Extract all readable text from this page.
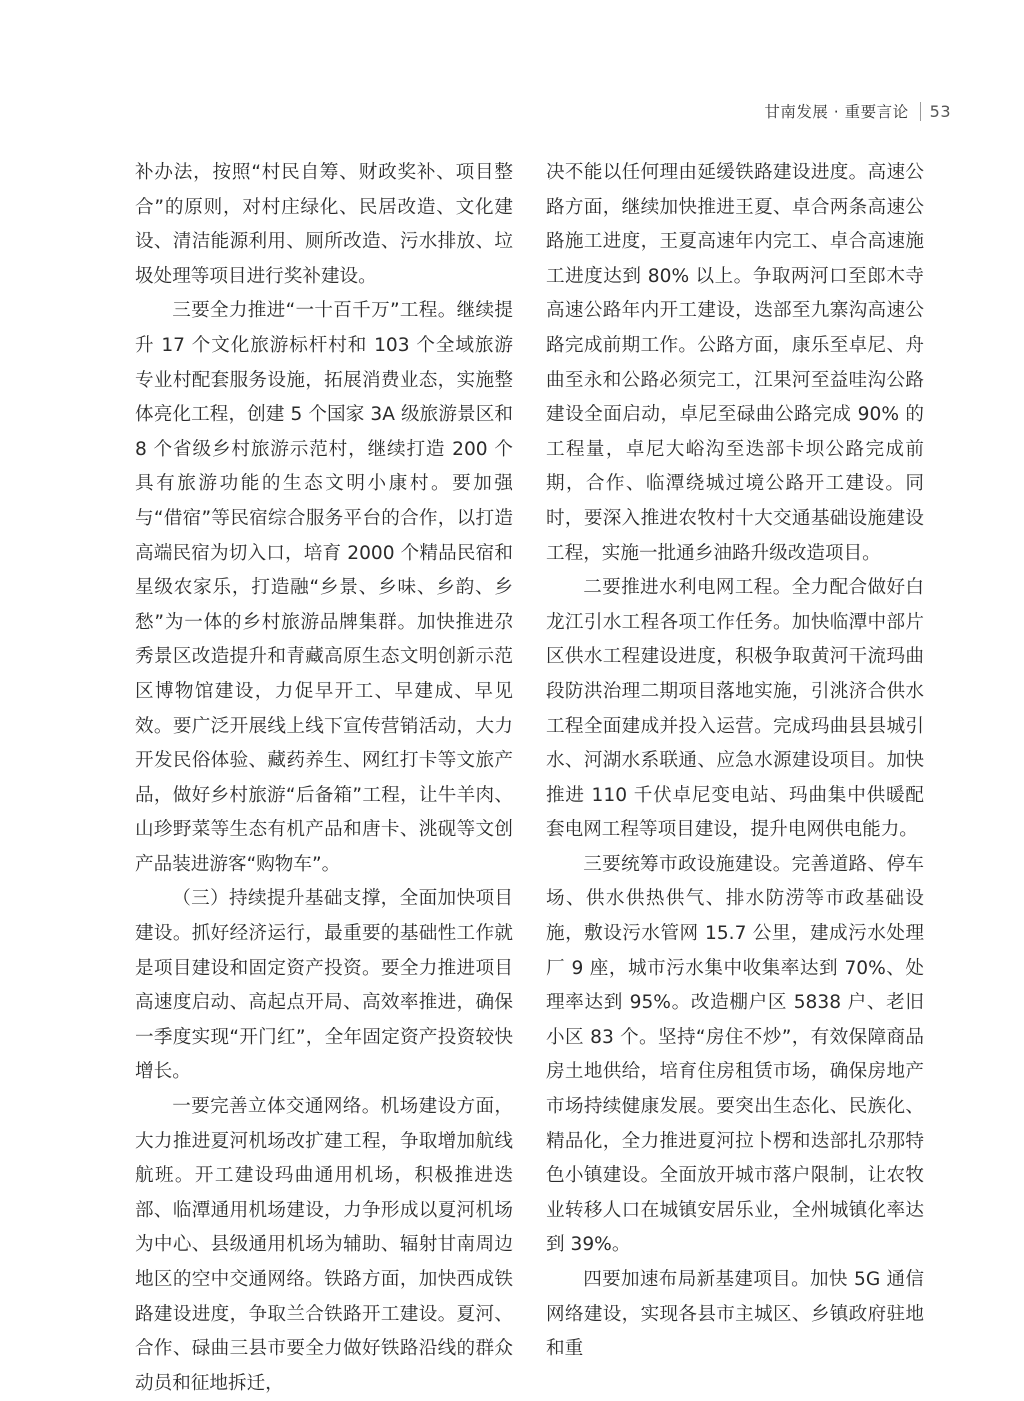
甘南发展 · 重要言论 53

补办法，按照“村民自筹、财政奖补、项目整合”的原则，对村庄绿化、民居改造、文化建设、清洁能源利用、厕所改造、污水排放、垃圾处理等项目进行奖补建设。

三要全力推进“一十百千万”工程。继续提升 17 个文化旅游标杆村和 103 个全域旅游专业村配套服务设施，拓展消费业态，实施整体亮化工程，创建 5 个国家 3A 级旅游景区和 8 个省级乡村旅游示范村，继续打造 200 个具有旅游功能的生态文明小康村。要加强与“借宿”等民宿综合服务平台的合作，以打造高端民宿为切入口，培育 2000 个精品民宿和星级农家乐，打造融“乡景、乡味、乡韵、乡愁”为一体的乡村旅游品牌集群。加快推进尕秀景区改造提升和青藏高原生态文明创新示范区博物馆建设，力促早开工、早建成、早见效。要广泛开展线上线下宣传营销活动，大力开发民俗体验、藏药养生、网红打卡等文旅产品，做好乡村旅游“后备箱”工程，让牛羊肉、山珍野菜等生态有机产品和唐卡、洮砚等文创产品装进游客“购物车”。

（三）持续提升基础支撑，全面加快项目建设。抓好经济运行，最重要的基础性工作就是项目建设和固定资产投资。要全力推进项目高速度启动、高起点开局、高效率推进，确保一季度实现“开门红”，全年固定资产投资较快增长。

一要完善立体交通网络。机场建设方面，大力推进夏河机场改扩建工程，争取增加航线航班。开工建设玛曲通用机场，积极推进迭部、临潭通用机场建设，力争形成以夏河机场为中心、县级通用机场为辅助、辐射甘南周边地区的空中交通网络。铁路方面，加快西成铁路建设进度，争取兰合铁路开工建设。夏河、合作、碌曲三县市要全力做好铁路沿线的群众动员和征地拆迁，

决不能以任何理由延缓铁路建设进度。高速公路方面，继续加快推进王夏、卓合两条高速公路施工进度，王夏高速年内完工、卓合高速施工进度达到 80% 以上。争取两河口至郎木寺高速公路年内开工建设，迭部至九寨沟高速公路完成前期工作。公路方面，康乐至卓尼、舟曲至永和公路必须完工，江果河至益哇沟公路建设全面启动，卓尼至碌曲公路完成 90% 的工程量，卓尼大峪沟至迭部卡坝公路完成前期，合作、临潭绕城过境公路开工建设。同时，要深入推进农牧村十大交通基础设施建设工程，实施一批通乡油路升级改造项目。

二要推进水利电网工程。全力配合做好白龙江引水工程各项工作任务。加快临潭中部片区供水工程建设进度，积极争取黄河干流玛曲段防洪治理二期项目落地实施，引洮济合供水工程全面建成并投入运营。完成玛曲县县城引水、河湖水系联通、应急水源建设项目。加快推进 110 千伏卓尼变电站、玛曲集中供暖配套电网工程等项目建设，提升电网供电能力。

三要统筹市政设施建设。完善道路、停车场、供水供热供气、排水防涝等市政基础设施，敷设污水管网 15.7 公里，建成污水处理厂 9 座，城市污水集中收集率达到 70%、处理率达到 95%。改造棚户区 5838 户、老旧小区 83 个。坚持“房住不炒”，有效保障商品房土地供给，培育住房租赁市场，确保房地产市场持续健康发展。要突出生态化、民族化、精品化，全力推进夏河拉卜楞和迭部扎尕那特色小镇建设。全面放开城市落户限制，让农牧业转移人口在城镇安居乐业，全州城镇化率达到 39%。

四要加速布局新基建项目。加快 5G 通信网络建设，实现各县市主城区、乡镇政府驻地和重
